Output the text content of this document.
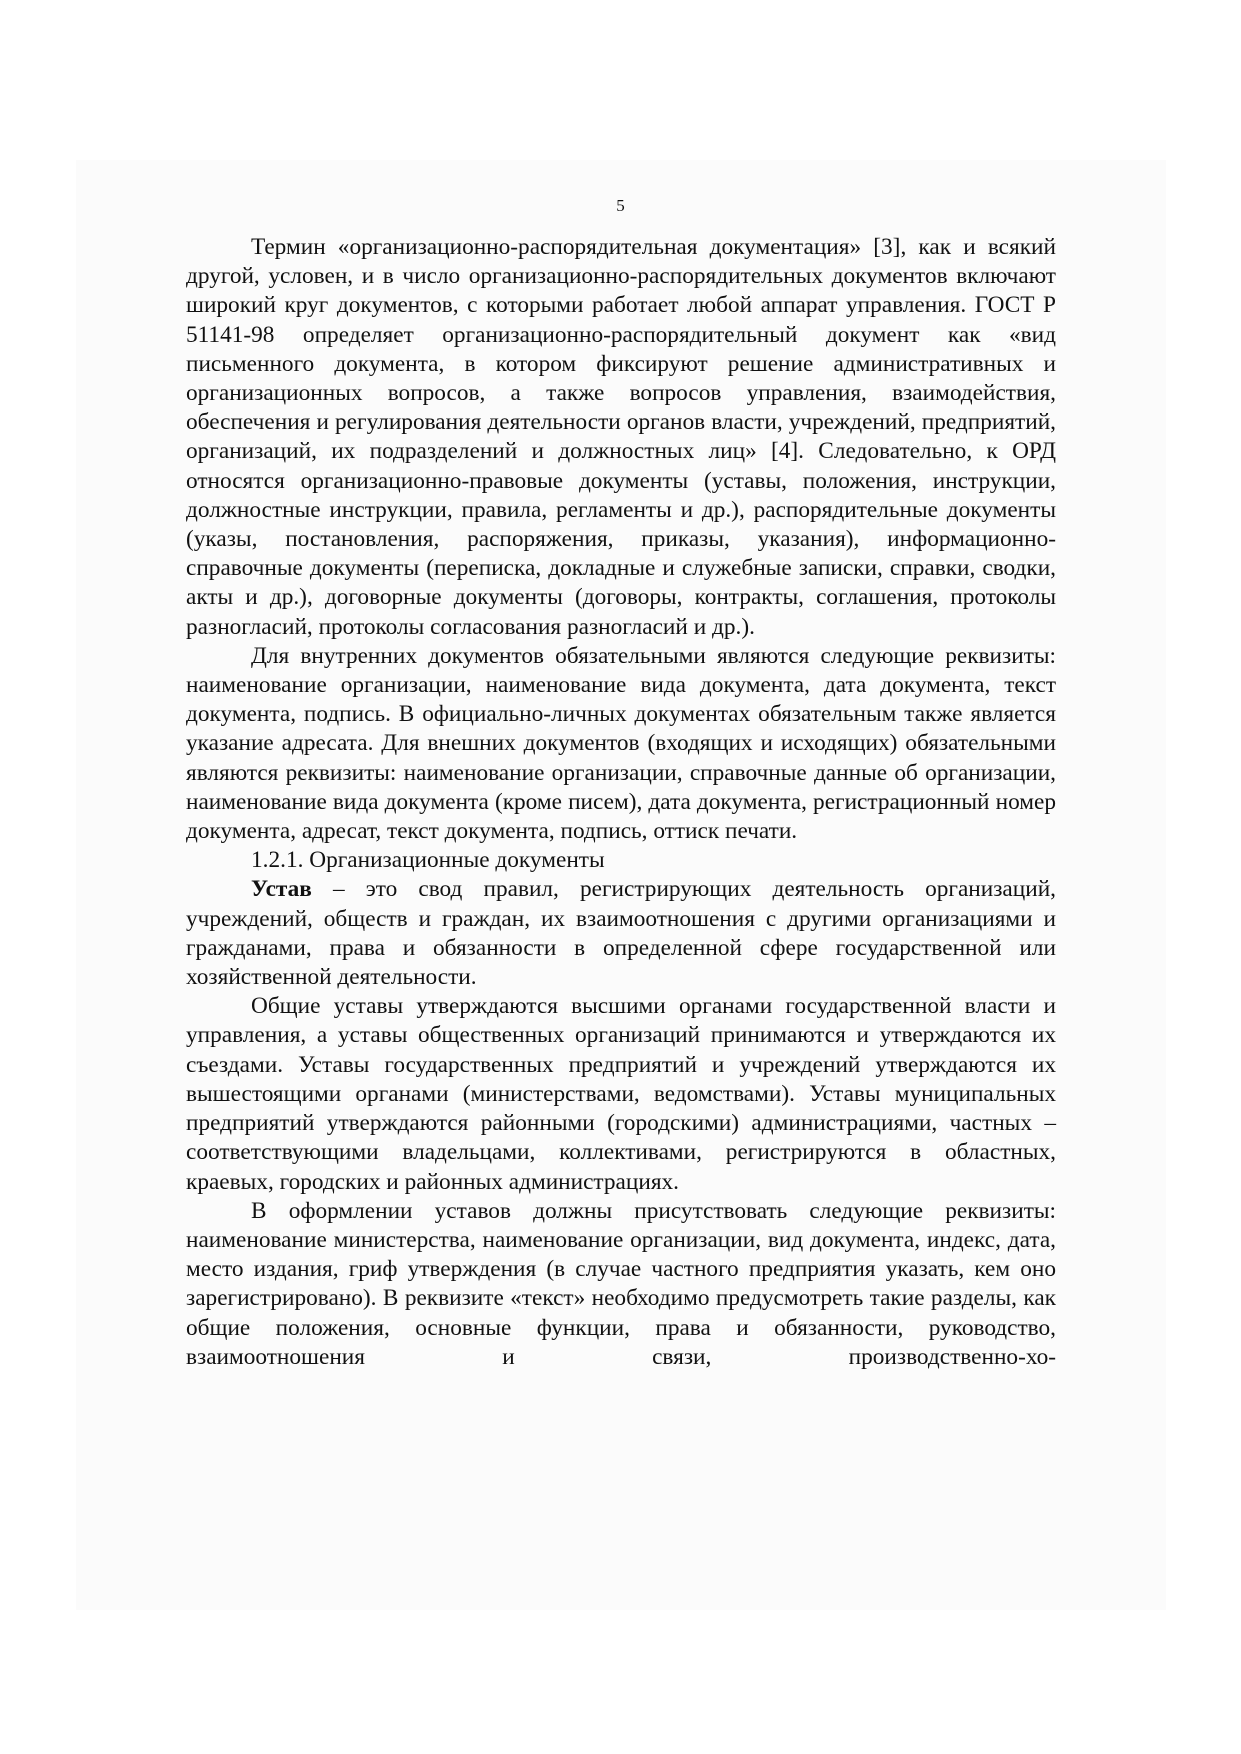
5

Термин «организационно-распорядительная документация» [3], как и всякий другой, условен, и в число организационно-распорядительных документов включают широкий круг документов, с которыми работает любой аппарат управления. ГОСТ Р 51141-98 определяет организационно-распорядительный документ как «вид письменного документа, в котором фиксируют решение административных и организационных вопросов, а также вопросов управления, взаимодействия, обеспечения и регулирования деятельности органов власти, учреждений, предприятий, организаций, их подразделений и должностных лиц» [4]. Следовательно, к ОРД относятся организационно-правовые документы (уставы, положения, инструкции, должностные инструкции, правила, регламенты и др.), распорядительные документы (указы, постановления, распоряжения, приказы, указания), информационно-справочные документы (переписка, докладные и служебные записки, справки, сводки, акты и др.), договорные документы (договоры, контракты, соглашения, протоколы разногласий, протоколы согласования разногласий и др.).

Для внутренних документов обязательными являются следующие реквизиты: наименование организации, наименование вида документа, дата документа, текст документа, подпись. В официально-личных документах обязательным также является указание адресата. Для внешних документов (входящих и исходящих) обязательными являются реквизиты: наименование организации, справочные данные об организации, наименование вида документа (кроме писем), дата документа, регистрационный номер документа, адресат, текст документа, подпись, оттиск печати.

1.2.1. Организационные документы

Устав – это свод правил, регистрирующих деятельность организаций, учреждений, обществ и граждан, их взаимоотношения с другими организациями и гражданами, права и обязанности в определенной сфере государственной или хозяйственной деятельности.

Общие уставы утверждаются высшими органами государственной власти и управления, а уставы общественных организаций принимаются и утверждаются их съездами. Уставы государственных предприятий и учреждений утверждаются их вышестоящими органами (министерствами, ведомствами). Уставы муниципальных предприятий утверждаются районными (городскими) администрациями, частных – соответствующими владельцами, коллективами, регистрируются в областных, краевых, городских и районных администрациях.

В оформлении уставов должны присутствовать следующие реквизиты: наименование министерства, наименование организации, вид документа, индекс, дата, место издания, гриф утверждения (в случае частного предприятия указать, кем оно зарегистрировано). В реквизите «текст» необходимо предусмотреть такие разделы, как общие положения, основные функции, права и обязанности, руководство, взаимоотношения и связи, производственно-хо-
